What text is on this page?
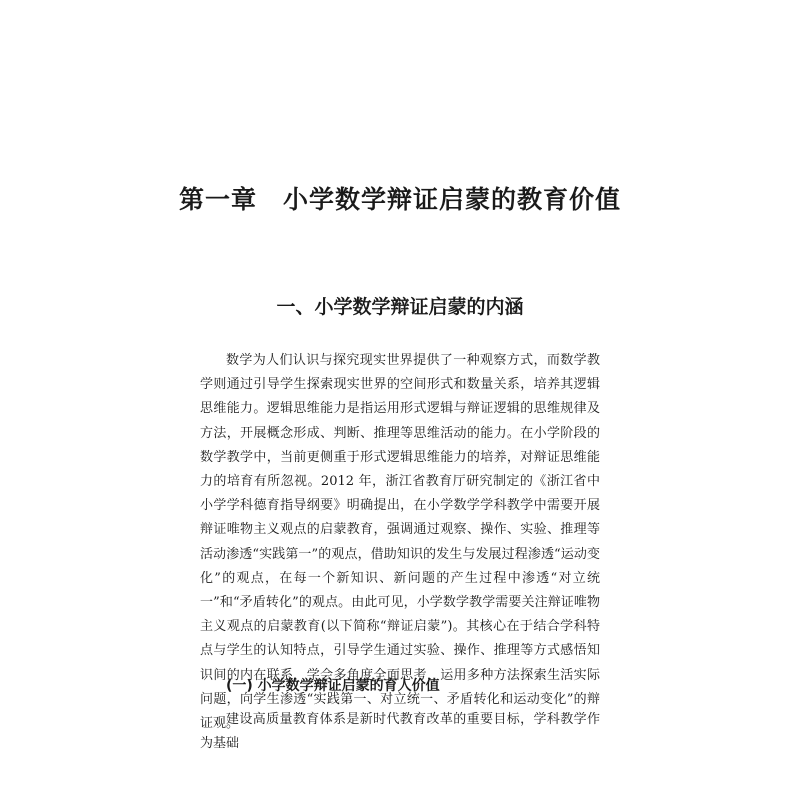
第一章　小学数学辩证启蒙的教育价值
一、小学数学辩证启蒙的内涵

数学为人们认识与探究现实世界提供了一种观察方式，而数学教学则通过引导学生探索现实世界的空间形式和数量关系，培养其逻辑思维能力。逻辑思维能力是指运用形式逻辑与辩证逻辑的思维规律及方法，开展概念形成、判断、推理等思维活动的能力。在小学阶段的数学教学中，当前更侧重于形式逻辑思维能力的培养，对辩证思维能力的培育有所忽视。2012 年，浙江省教育厅研究制定的《浙江省中小学学科德育指导纲要》明确提出，在小学数学学科教学中需要开展辩证唯物主义观点的启蒙教育，强调通过观察、操作、实验、推理等活动渗透“实践第一”的观点，借助知识的发生与发展过程渗透“运动变化”的观点，在每一个新知识、新问题的产生过程中渗透“对立统一”和“矛盾转化”的观点。由此可见，小学数学教学需要关注辩证唯物主义观点的启蒙教育(以下简称“辩证启蒙”)。其核心在于结合学科特点与学生的认知特点，引导学生通过实验、操作、推理等方式感悟知识间的内在联系，学会多角度全面思考，运用多种方法探索生活实际问题，向学生渗透“实践第一、对立统一、矛盾转化和运动变化”的辩证观。

(一) 小学数学辩证启蒙的育人价值

建设高质量教育体系是新时代教育改革的重要目标，学科教学作为基础
